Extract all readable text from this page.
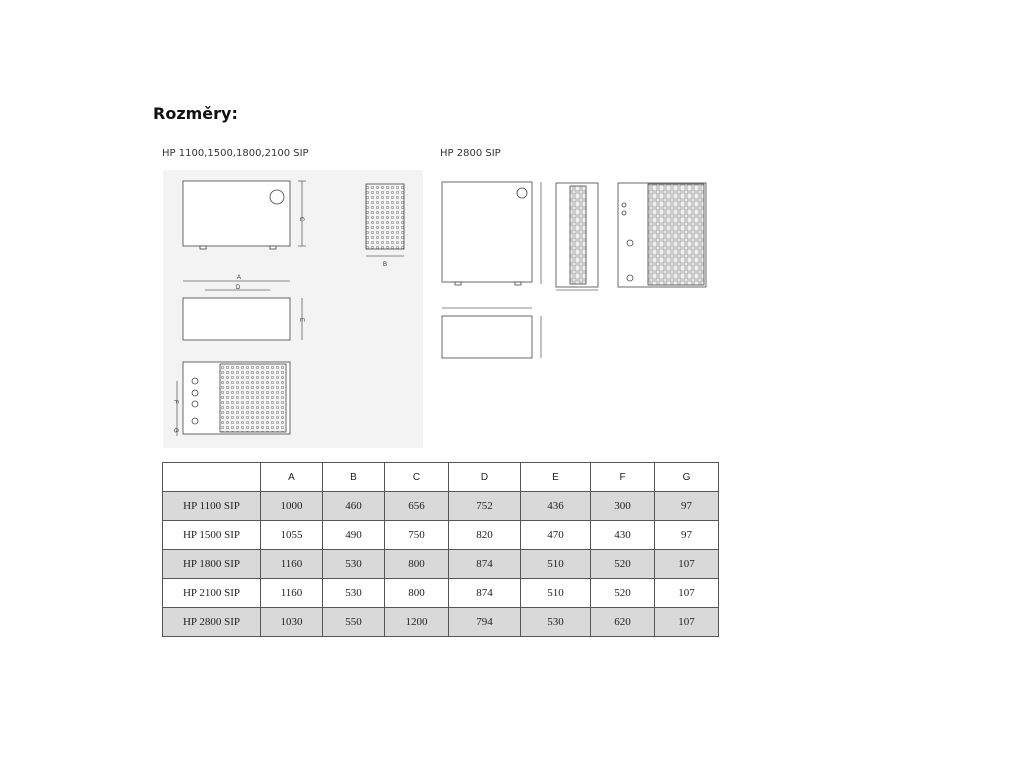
Rozměry:
HP 1100,1500,1800,2100 SIP	HP 2800 SIP
C
B
A
D
E
F
G
	A	B	C	D	E	F	G
HP 1100 SIP	1000	460	656	752	436	300	97
HP 1500 SIP	1055	490	750	820	470	430	97
HP 1800 SIP	1160	530	800	874	510	520	107
HP 2100 SIP	1160	530	800	874	510	520	107
HP 2800 SIP	1030	550	1200	794	530	620	107
